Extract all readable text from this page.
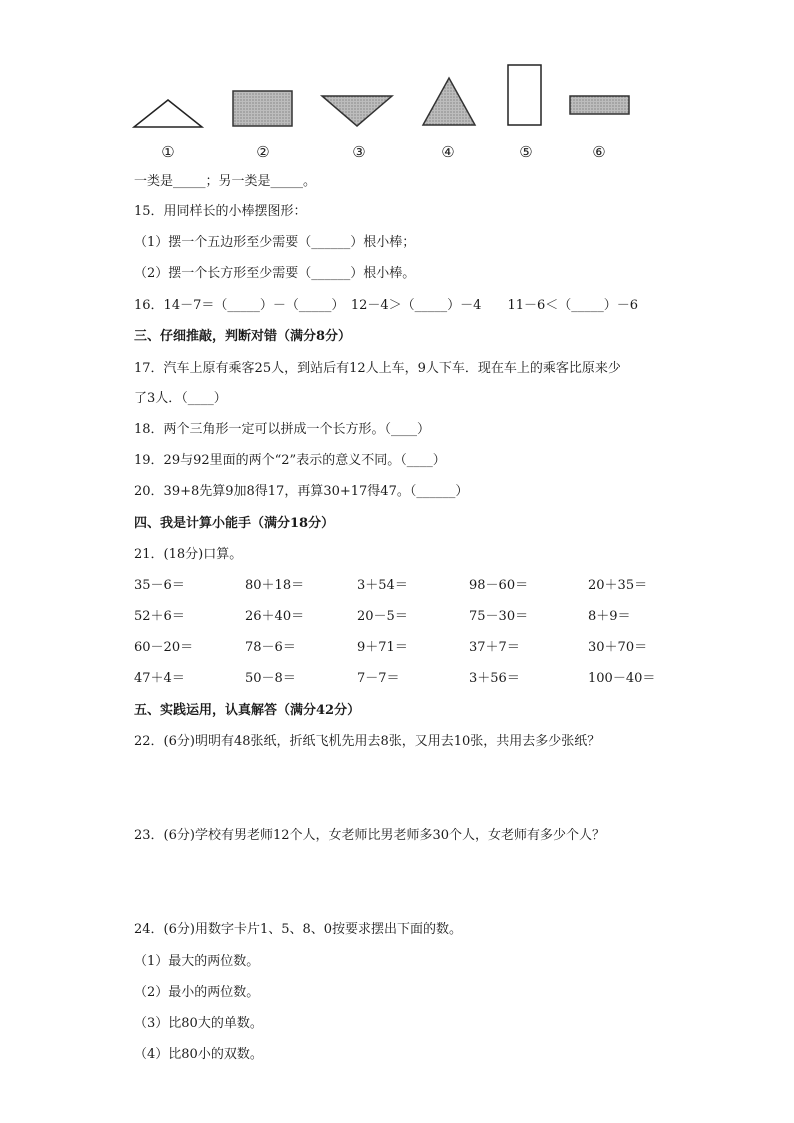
①	②	③	④	⑤	⑥
一类是_____；另一类是_____。
15．用同样长的小棒摆图形：
（1）摆一个五边形至少需要（______）根小棒；
（2）摆一个长方形至少需要（______）根小棒。
16．14－7＝（_____）－（_____）　12－4＞（_____）－4　　11－6＜（_____）－6
三、仔细推敲，判断对错（满分8分）
17．汽车上原有乘客25人，到站后有12人上车，9人下车．现在车上的乘客比原来少
了3人．（____）
18．两个三角形一定可以拼成一个长方形。（____）
19．29与92里面的两个“2”表示的意义不同。（____）
20．39+8先算9加8得17，再算30+17得47。（______）
四、我是计算小能手（满分18分）
21．(18分)口算。
35－6＝	80＋18＝	3＋54＝	98－60＝	20＋35＝
52＋6＝	26＋40＝	20－5＝	75－30＝	8＋9＝
60－20＝	78－6＝	9＋71＝	37＋7＝	30＋70＝
47＋4＝	50－8＝	7－7＝	3＋56＝	100－40＝
五、实践运用，认真解答（满分42分）
22．(6分)明明有48张纸，折纸飞机先用去8张，又用去10张，共用去多少张纸？
23．(6分)学校有男老师12个人，女老师比男老师多30个人，女老师有多少个人？
24．(6分)用数字卡片1、5、8、0按要求摆出下面的数。
（1）最大的两位数。
（2）最小的两位数。
（3）比80大的单数。
（4）比80小的双数。
